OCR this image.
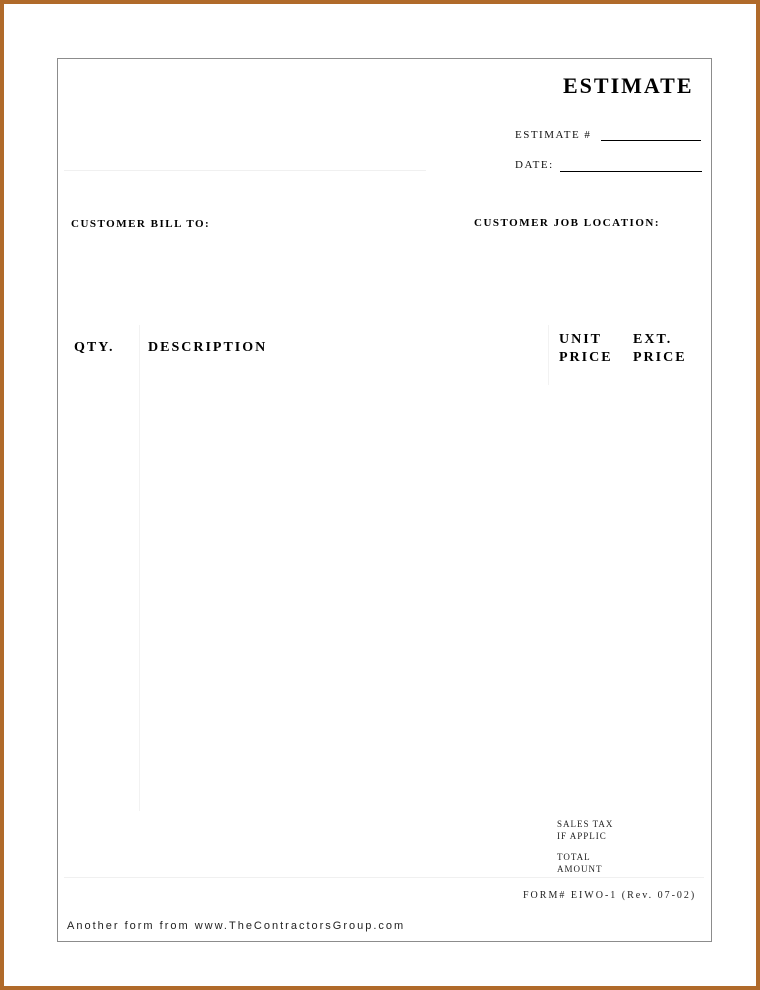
ESTIMATE
ESTIMATE #
DATE:
CUSTOMER BILL TO:	CUSTOMER JOB LOCATION:
QTY. DESCRIPTION
UNIT
PRICE
EXT.
PRICE
SALES TAX
IF APPLIC
TOTAL
AMOUNT
FORM# EIWO-1 (Rev. 07-02)
Another form from www.TheContractorsGroup.com
